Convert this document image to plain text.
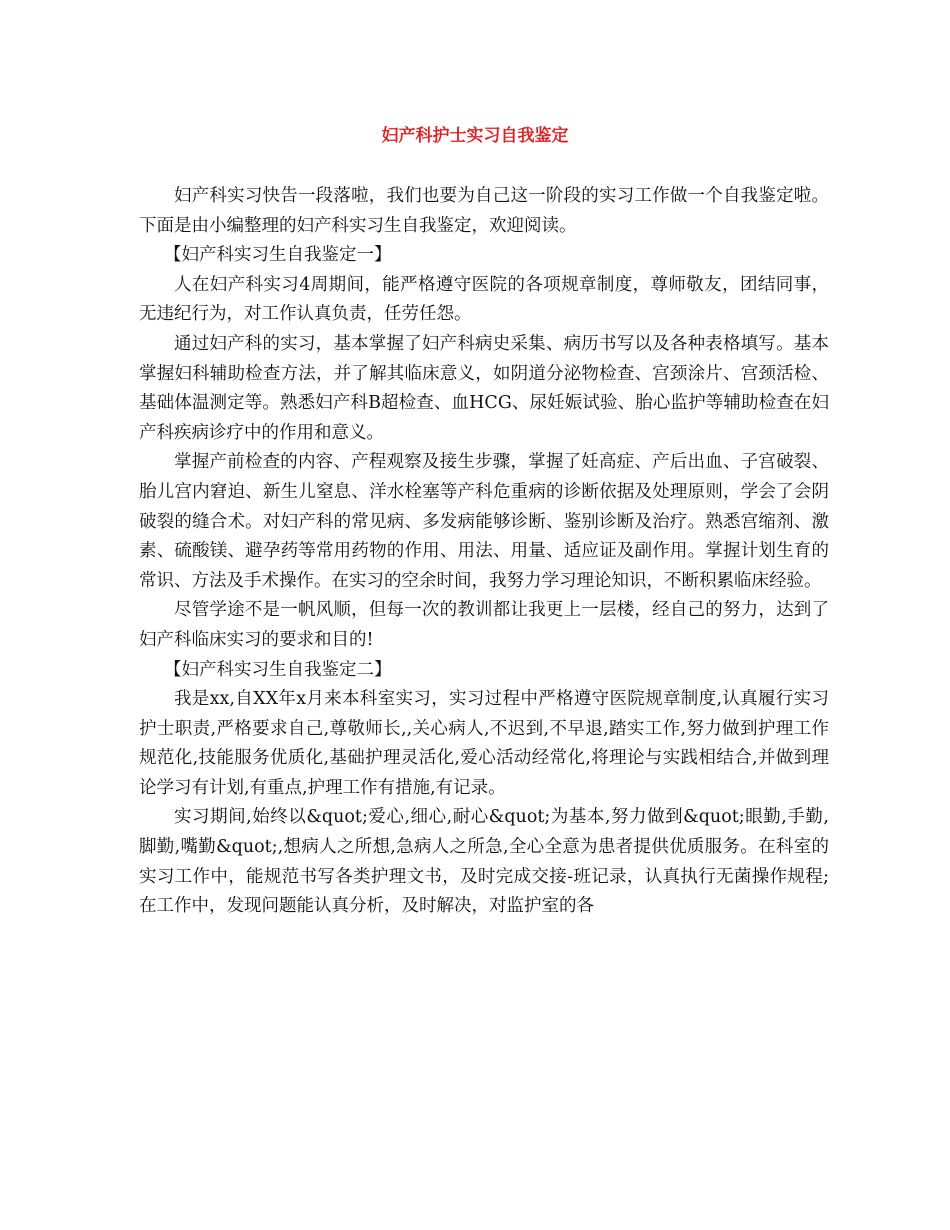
妇产科护士实习自我鉴定

妇产科实习快告一段落啦，我们也要为自己这一阶段的实习工作做一个自我鉴定啦。下面是由小编整理的妇产科实习生自我鉴定，欢迎阅读。

【妇产科实习生自我鉴定一】

人在妇产科实习4周期间，能严格遵守医院的各项规章制度，尊师敬友，团结同事，无违纪行为，对工作认真负责，任劳任怨。

通过妇产科的实习，基本掌握了妇产科病史采集、病历书写以及各种表格填写。基本掌握妇科辅助检查方法，并了解其临床意义，如阴道分泌物检查、宫颈涂片、宫颈活检、基础体温测定等。熟悉妇产科B超检查、血HCG、尿妊娠试验、胎心监护等辅助检查在妇产科疾病诊疗中的作用和意义。

掌握产前检查的内容、产程观察及接生步骤，掌握了妊高症、产后出血、子宫破裂、胎儿宫内窘迫、新生儿窒息、洋水栓塞等产科危重病的诊断依据及处理原则，学会了会阴破裂的缝合术。对妇产科的常见病、多发病能够诊断、鉴别诊断及治疗。熟悉宫缩剂、激素、硫酸镁、避孕药等常用药物的作用、用法、用量、适应证及副作用。掌握计划生育的常识、方法及手术操作。在实习的空余时间，我努力学习理论知识，不断积累临床经验。

尽管学途不是一帆风顺，但每一次的教训都让我更上一层楼，经自己的努力，达到了妇产科临床实习的要求和目的!

【妇产科实习生自我鉴定二】

我是xx,自XX年x月来本科室实习，实习过程中严格遵守医院规章制度,认真履行实习护士职责,严格要求自己,尊敬师长,,关心病人,不迟到,不早退,踏实工作,努力做到护理工作规范化,技能服务优质化,基础护理灵活化,爱心活动经常化,将理论与实践相结合,并做到理论学习有计划,有重点,护理工作有措施,有记录。

实习期间,始终以&quot;爱心,细心,耐心&quot;为基本,努力做到&quot;眼勤,手勤,脚勤,嘴勤&quot;,想病人之所想,急病人之所急,全心全意为患者提供优质服务。在科室的实习工作中，能规范书写各类护理文书，及时完成交接-班记录，认真执行无菌操作规程;在工作中，发现问题能认真分析，及时解决，对监护室的各
